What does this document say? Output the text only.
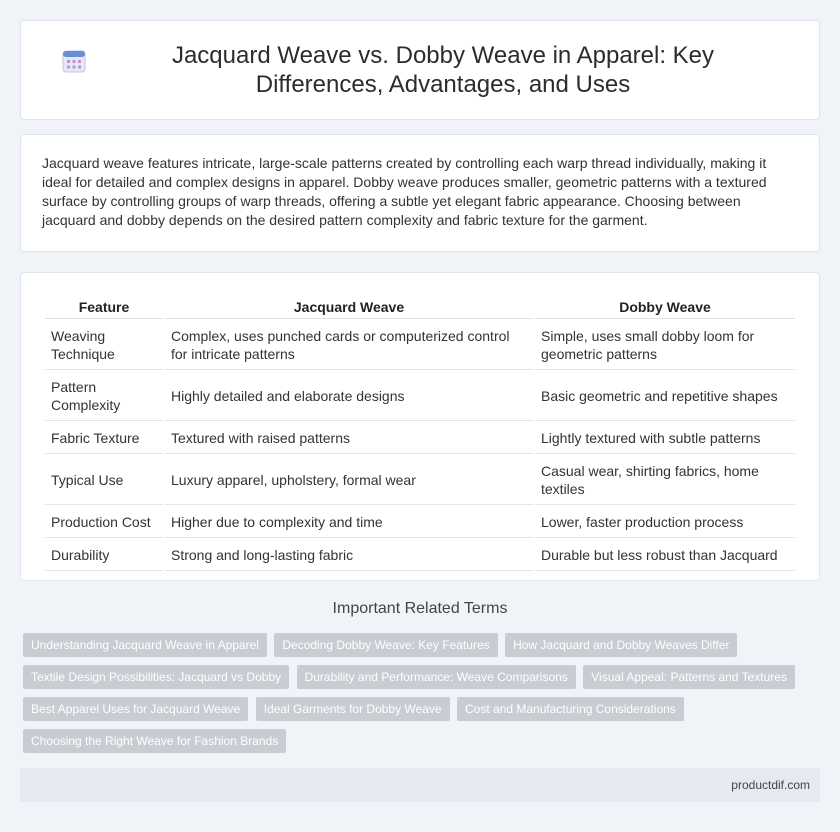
Jacquard Weave vs. Dobby Weave in Apparel: Key Differences, Advantages, and Uses

Jacquard weave features intricate, large-scale patterns created by controlling each warp thread individually, making it ideal for detailed and complex designs in apparel. Dobby weave produces smaller, geometric patterns with a textured surface by controlling groups of warp threads, offering a subtle yet elegant fabric appearance. Choosing between jacquard and dobby depends on the desired pattern complexity and fabric texture for the garment.

Feature	Jacquard Weave	Dobby Weave
Weaving Technique	Complex, uses punched cards or computerized control for intricate patterns	Simple, uses small dobby loom for geometric patterns
Pattern Complexity	Highly detailed and elaborate designs	Basic geometric and repetitive shapes
Fabric Texture	Textured with raised patterns	Lightly textured with subtle patterns
Typical Use	Luxury apparel, upholstery, formal wear	Casual wear, shirting fabrics, home textiles
Production Cost	Higher due to complexity and time	Lower, faster production process
Durability	Strong and long-lasting fabric	Durable but less robust than Jacquard
Important Related Terms
Understanding Jacquard Weave in Apparel Decoding Dobby Weave: Key Features How Jacquard and Dobby Weaves Differ Textile Design Possibilities: Jacquard vs Dobby Durability and Performance: Weave Comparisons Visual Appeal: Patterns and Textures Best Apparel Uses for Jacquard Weave Ideal Garments for Dobby Weave Cost and Manufacturing Considerations Choosing the Right Weave for Fashion Brands
productdif.com
